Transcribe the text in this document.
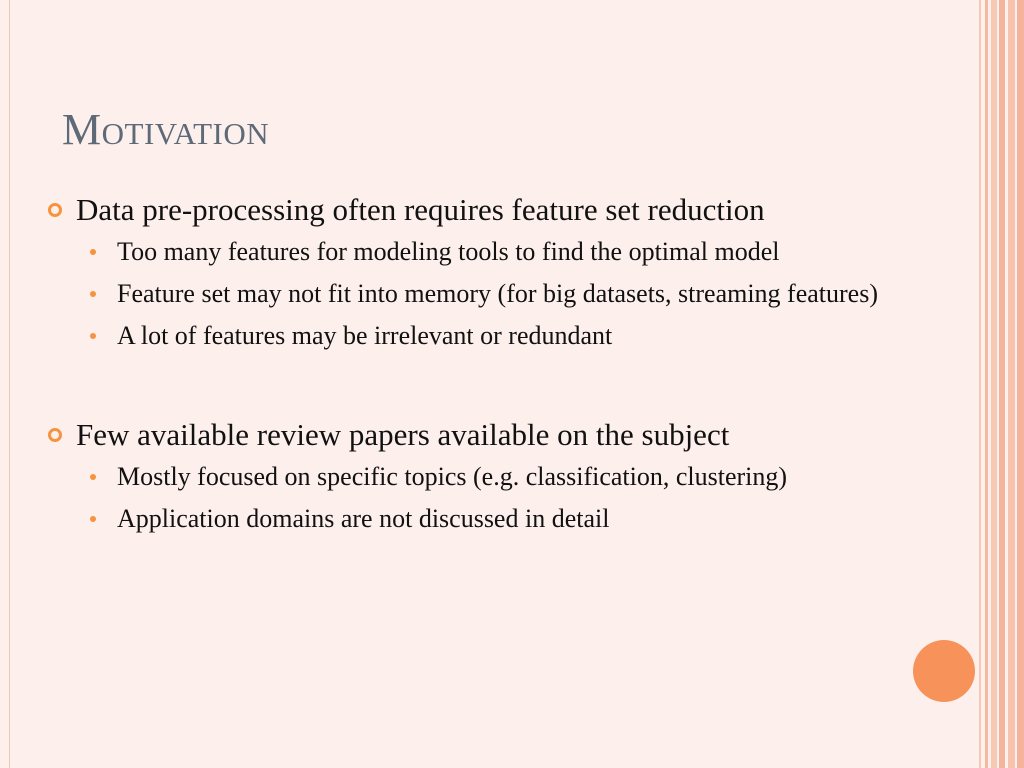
Motivation
Data pre-processing often requires feature set reduction
Too many features for modeling tools to find the optimal model
Feature set may not fit into memory (for big datasets, streaming features)
A lot of features may be irrelevant or redundant
Few available review papers available on the subject
Mostly focused on specific topics (e.g. classification, clustering)
Application domains are not discussed in detail
